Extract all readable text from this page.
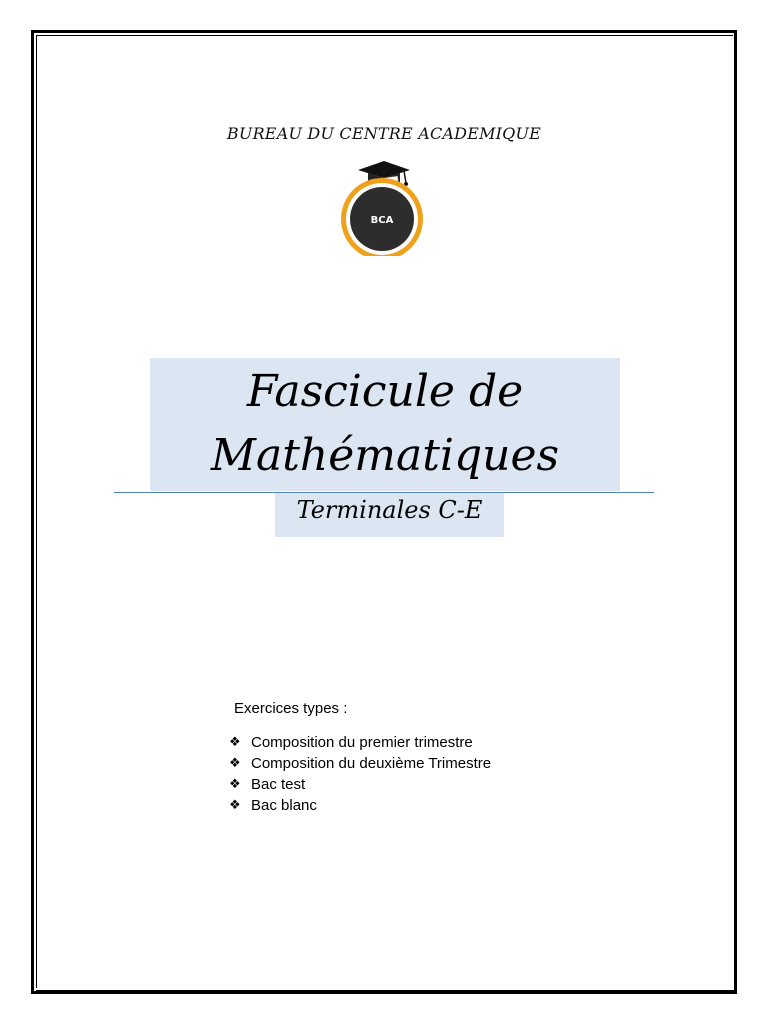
BUREAU DU CENTRE ACADEMIQUE
BCA
Fascicule de
Mathématiques
Terminales C-E
Exercices types :
❖ Composition du premier trimestre
❖ Composition du deuxième Trimestre
❖ Bac test
❖ Bac blanc
